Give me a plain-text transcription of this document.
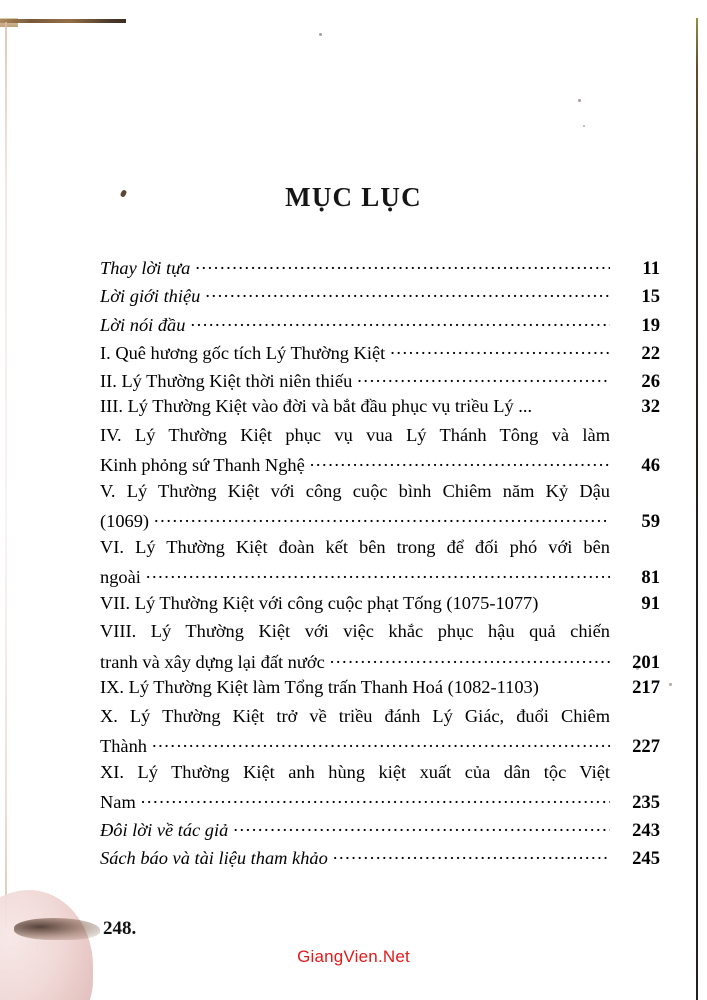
MỤC LỤC
Thay lời tựa .....	11
Lời giới thiệu .....	15
Lời nói đầu .....	19
I. Quê hương gốc tích Lý Thường Kiệt .....	22
II. Lý Thường Kiệt thời niên thiếu .....	26
III. Lý Thường Kiệt vào đời và bắt đầu phục vụ triều Lý ...	32
IV. Lý Thường Kiệt phục vụ vua Lý Thánh Tông và làm
Kinh phỏng sứ Thanh Nghệ .....	46
V. Lý Thường Kiệt với công cuộc bình Chiêm năm Kỷ Dậu
(1069) .....	59
VI. Lý Thường Kiệt đoàn kết bên trong để đối phó với bên
ngoài .....	81
VII. Lý Thường Kiệt với công cuộc phạt Tống (1075-1077)	91
VIII. Lý Thường Kiệt với việc khắc phục hậu quả chiến
tranh và xây dựng lại đất nước .....	201
IX. Lý Thường Kiệt làm Tổng trấn Thanh Hoá (1082-1103)	217
X. Lý Thường Kiệt trở về triều đánh Lý Giác, đuổi Chiêm
Thành .....	227
XI. Lý Thường Kiệt anh hùng kiệt xuất của dân tộc Việt
Nam .....	235
Đôi lời về tác giả .....	243
Sách báo và tài liệu tham khảo .....	245
248.
GiangVien.Net
